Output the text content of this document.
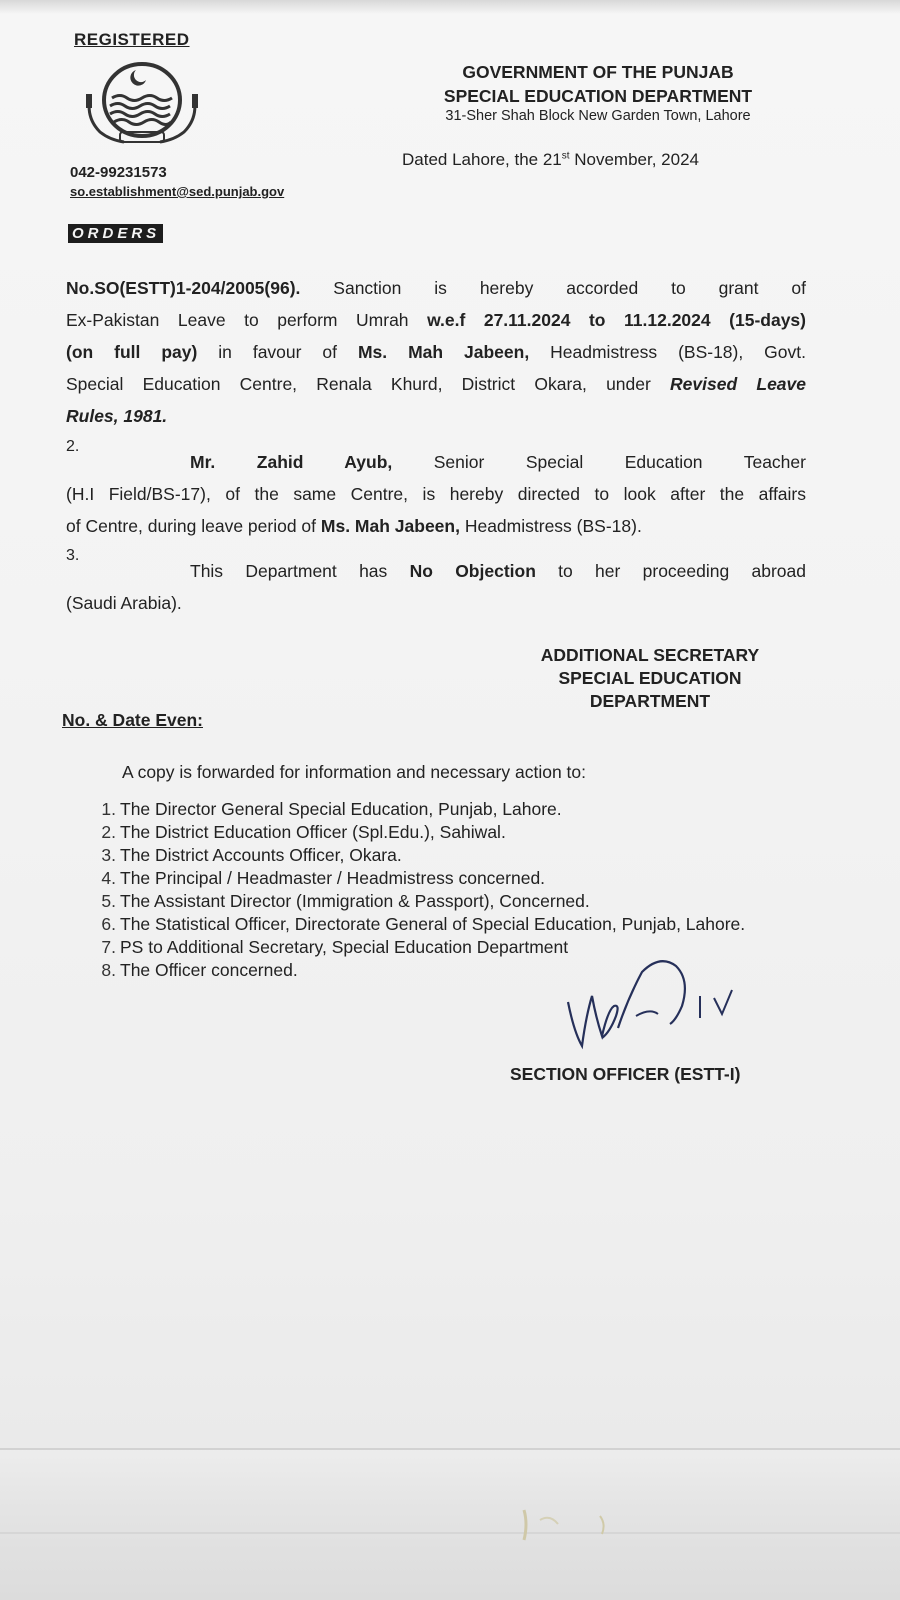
REGISTERED
042-99231573
so.establishment@sed.punjab.gov
GOVERNMENT OF THE PUNJAB
SPECIAL EDUCATION DEPARTMENT
31-Sher Shah Block New Garden Town, Lahore
Dated Lahore, the 21st November, 2024
ORDERS
No.SO(ESTT)1-204/2005(96). Sanction is hereby accorded to grant of
Ex-Pakistan Leave to perform Umrah w.e.f 27.11.2024 to 11.12.2024 (15-days)
(on full pay) in favour of Ms. Mah Jabeen, Headmistress (BS-18), Govt.
Special Education Centre, Renala Khurd, District Okara, under Revised Leave
Rules, 1981.
2.
Mr. Zahid Ayub, Senior Special Education Teacher
(H.I Field/BS-17), of the same Centre, is hereby directed to look after the affairs
of Centre, during leave period of Ms. Mah Jabeen, Headmistress (BS-18).
3.
This Department has No Objection to her proceeding abroad
(Saudi Arabia).
ADDITIONAL SECRETARY
SPECIAL EDUCATION
DEPARTMENT
No. & Date Even:
A copy is forwarded for information and necessary action to:
1. The Director General Special Education, Punjab, Lahore.
2. The District Education Officer (Spl.Edu.), Sahiwal.
3. The District Accounts Officer, Okara.
4. The Principal / Headmaster / Headmistress concerned.
5. The Assistant Director (Immigration & Passport), Concerned.
6. The Statistical Officer, Directorate General of Special Education, Punjab, Lahore.
7. PS to Additional Secretary, Special Education Department
8. The Officer concerned.
SECTION OFFICER (ESTT-I)
